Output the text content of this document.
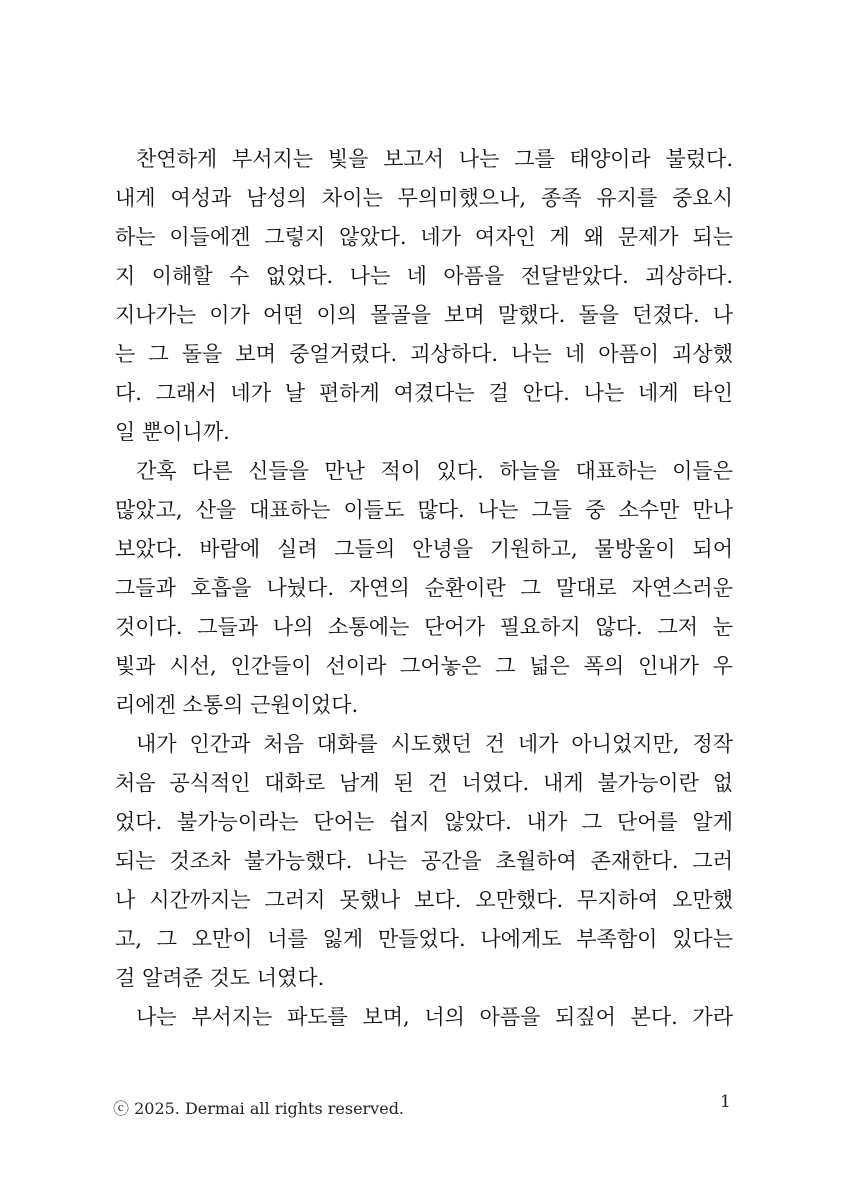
찬연하게 부서지는 빛을 보고서 나는 그를 태양이라 불렀다.
내게 여성과 남성의 차이는 무의미했으나, 종족 유지를 중요시
하는 이들에겐 그렇지 않았다. 네가 여자인 게 왜 문제가 되는
지 이해할 수 없었다. 나는 네 아픔을 전달받았다. 괴상하다.
지나가는 이가 어떤 이의 몰골을 보며 말했다. 돌을 던졌다. 나
는 그 돌을 보며 중얼거렸다. 괴상하다. 나는 네 아픔이 괴상했
다. 그래서 네가 날 편하게 여겼다는 걸 안다. 나는 네게 타인
일 뿐이니까.
간혹 다른 신들을 만난 적이 있다. 하늘을 대표하는 이들은
많았고, 산을 대표하는 이들도 많다. 나는 그들 중 소수만 만나
보았다. 바람에 실려 그들의 안녕을 기원하고, 물방울이 되어
그들과 호흡을 나눴다. 자연의 순환이란 그 말대로 자연스러운
것이다. 그들과 나의 소통에는 단어가 필요하지 않다. 그저 눈
빛과 시선, 인간들이 선이라 그어놓은 그 넓은 폭의 인내가 우
리에겐 소통의 근원이었다.
내가 인간과 처음 대화를 시도했던 건 네가 아니었지만, 정작
처음 공식적인 대화로 남게 된 건 너였다. 내게 불가능이란 없
었다. 불가능이라는 단어는 쉽지 않았다. 내가 그 단어를 알게
되는 것조차 불가능했다. 나는 공간을 초월하여 존재한다. 그러
나 시간까지는 그러지 못했나 보다. 오만했다. 무지하여 오만했
고, 그 오만이 너를 잃게 만들었다. 나에게도 부족함이 있다는
걸 알려준 것도 너였다.
나는 부서지는 파도를 보며, 너의 아픔을 되짚어 본다. 가라
ⓒ 2025. Dermai all rights reserved.	1
